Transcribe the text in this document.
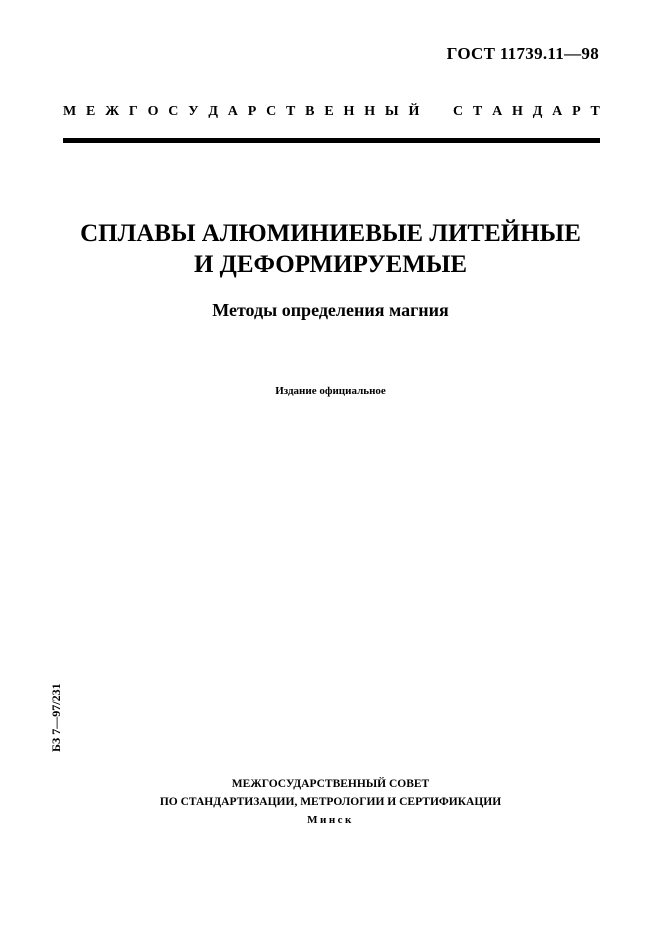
ГОСТ 11739.11—98
М Е Ж Г О С У Д А Р С Т В Е Н Н Ы Й С Т А Н Д А Р Т
СПЛАВЫ АЛЮМИНИЕВЫЕ ЛИТЕЙНЫЕ
И ДЕФОРМИРУЕМЫЕ
Методы определения магния
Издание официальное
БЗ 7—97/231
МЕЖГОСУДАРСТВЕННЫЙ СОВЕТ
ПО СТАНДАРТИЗАЦИИ, МЕТРОЛОГИИ И СЕРТИФИКАЦИИ
Минск
